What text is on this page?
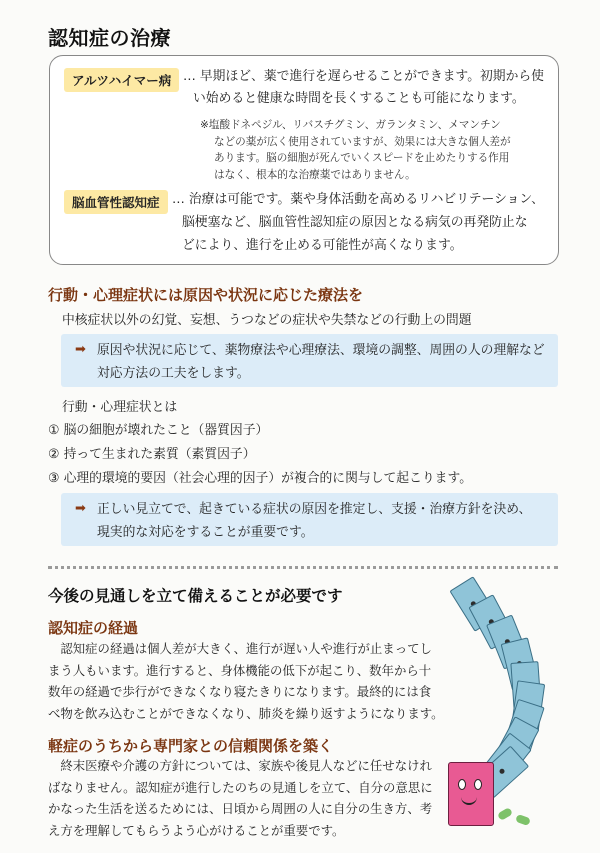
認知症の治療
アルツハイマー病 … 早期ほど、薬で進行を遅らせることができます。初期から使
い始めると健康な時間を長くすることも可能になります。
※塩酸ドネペジル、リバスチグミン、ガランタミン、メマンチン
などの薬が広く使用されていますが、効果には大きな個人差が
あります。脳の細胞が死んでいくスピードを止めたりする作用
はなく、根本的な治療薬ではありません。
脳血管性認知症 … 治療は可能です。薬や身体活動を高めるリハビリテーション、
脳梗塞など、脳血管性認知症の原因となる病気の再発防止な
どにより、進行を止める可能性が高くなります。
行動・心理症状には原因や状況に応じた療法を
中核症状以外の幻覚、妄想、うつなどの症状や失禁などの行動上の問題
➡ 原因や状況に応じて、薬物療法や心理療法、環境の調整、周囲の人の理解など
対応方法の工夫をします。
行動・心理症状とは
① 脳の細胞が壊れたこと（器質因子）
② 持って生まれた素質（素質因子）
③ 心理的環境的要因（社会心理的因子）が複合的に関与して起こります。
➡ 正しい見立てで、起きている症状の原因を推定し、支援・治療方針を決め、
現実的な対応をすることが重要です。
今後の見通しを立て備えることが必要です
認知症の経過
　認知症の経過は個人差が大きく、進行が遅い人や進行が止まってし
まう人もいます。進行すると、身体機能の低下が起こり、数年から十
数年の経過で歩行ができなくなり寝たきりになります。最終的には食
べ物を飲み込むことができなくなり、肺炎を繰り返すようになります。
軽症のうちから専門家との信頼関係を築く
　終末医療や介護の方針については、家族や後見人などに任せなけれ
ばなりません。認知症が進行したのちの見通しを立て、自分の意思に
かなった生活を送るためには、日頃から周囲の人に自分の生き方、考
え方を理解してもらうよう心がけることが重要です。
